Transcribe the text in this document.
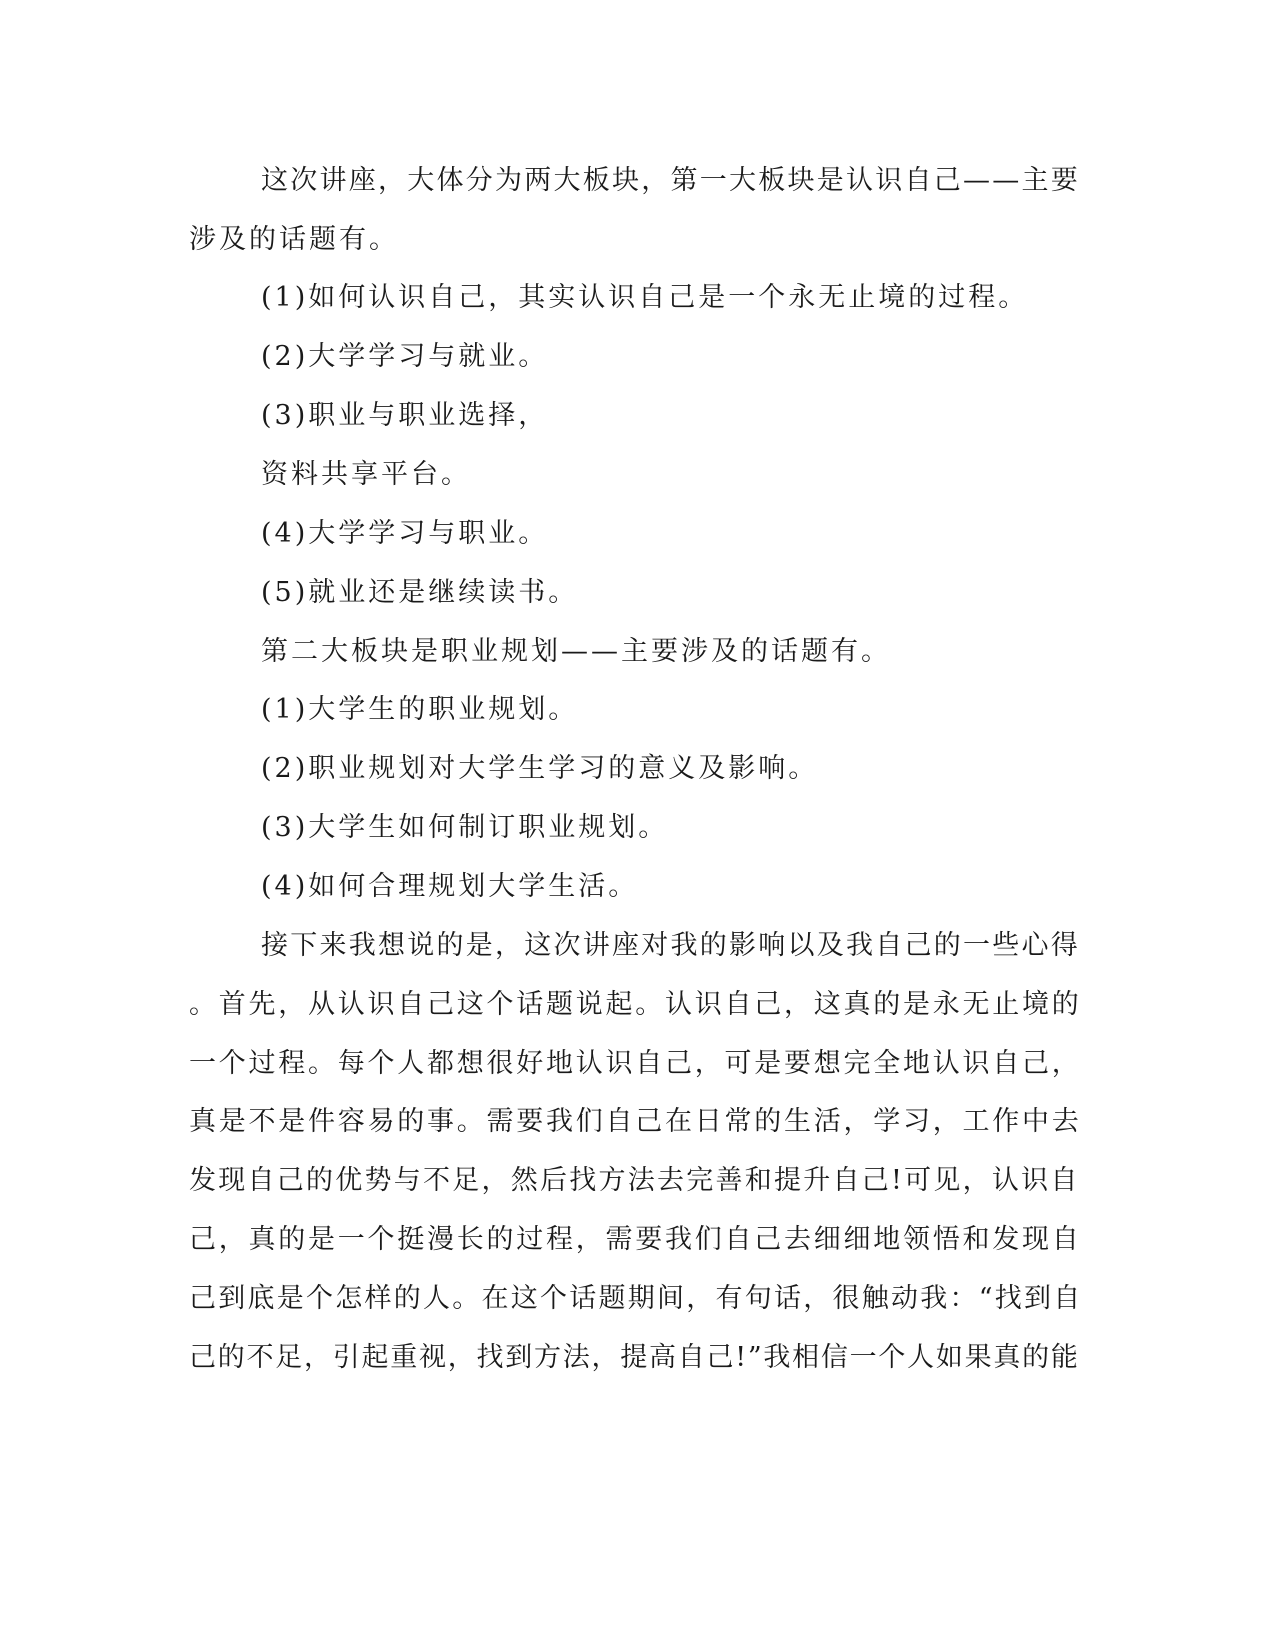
这次讲座，大体分为两大板块，第一大板块是认识自己——主要

涉及的话题有。

(1)如何认识自己，其实认识自己是一个永无止境的过程。

(2)大学学习与就业。

(3)职业与职业选择，

资料共享平台。

(4)大学学习与职业。

(5)就业还是继续读书。

第二大板块是职业规划——主要涉及的话题有。

(1)大学生的职业规划。

(2)职业规划对大学生学习的意义及影响。

(3)大学生如何制订职业规划。

(4)如何合理规划大学生活。

接下来我想说的是，这次讲座对我的影响以及我自己的一些心得

。首先，从认识自己这个话题说起。认识自己，这真的是永无止境的

一个过程。每个人都想很好地认识自己，可是要想完全地认识自己，

真是不是件容易的事。需要我们自己在日常的生活，学习，工作中去

发现自己的优势与不足，然后找方法去完善和提升自己!可见，认识自

己，真的是一个挺漫长的过程，需要我们自己去细细地领悟和发现自

己到底是个怎样的人。在这个话题期间，有句话，很触动我：“找到自

己的不足，引起重视，找到方法，提高自己!”我相信一个人如果真的能
